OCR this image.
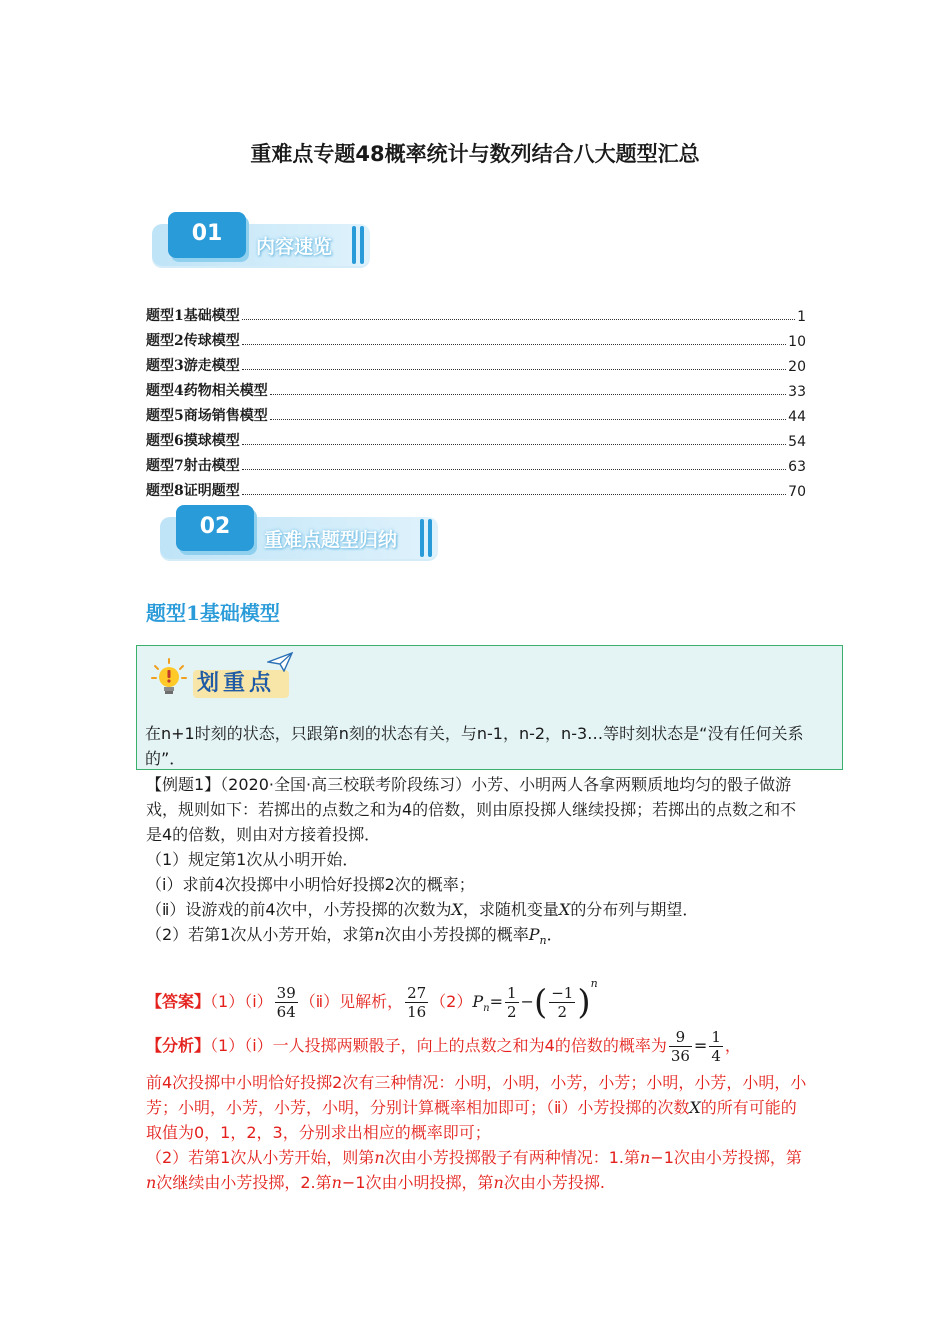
重难点专题48概率统计与数列结合八大题型汇总
01
内容速览
题型1基础模型	1
题型2传球模型	10
题型3游走模型	20
题型4药物相关模型	33
题型5商场销售模型	44
题型6摸球模型	54
题型7射击模型	63
题型8证明题型	70
02
重难点题型归纳
题型1基础模型
划重点
在n+1时刻的状态，只跟第n刻的状态有关，与n-1，n-2，n-3…等时刻状态是“没有任何关系的”．
【例题1】（2020·全国·高三校联考阶段练习）小芳、小明两人各拿两颗质地均匀的骰子做游戏，规则如下：若掷出的点数之和为4的倍数，则由原投掷人继续投掷；若掷出的点数之和不是4的倍数，则由对方接着投掷．
（1）规定第1次从小明开始．
（ⅰ）求前4次投掷中小明恰好投掷2次的概率；
（ⅱ）设游戏的前4次中，小芳投掷的次数为X，求随机变量X的分布列与期望．
（2）若第1次从小芳开始，求第n次由小芳投掷的概率$P_n$．
【答案】（1）（ⅰ） $\frac{39}{64}$ （ⅱ）见解析， $\frac{27}{16} (2)P_n= \frac{1}{2}$ −( $\frac{-1}{2} )^n$
【分析】（1）（ⅰ）一人投掷两颗骰子，向上的点数之和为4的倍数的概率为 $\frac{9}{36} = \frac{1}{4}$ ，
前4次投掷中小明恰好投掷2次有三种情况：小明，小明，小芳，小芳；小明，小芳，小明，小芳；小明，小芳，小芳，小明，分别计算概率相加即可；（ⅱ）小芳投掷的次数X的所有可能的取值为0，1，2，3，分别求出相应的概率即可；
（2）若第1次从小芳开始，则第n次由小芳投掷骰子有两种情况：1.第n−1次由小芳投掷，第n次继续由小芳投掷，2.第n−1次由小明投掷，第n次由小芳投掷.
